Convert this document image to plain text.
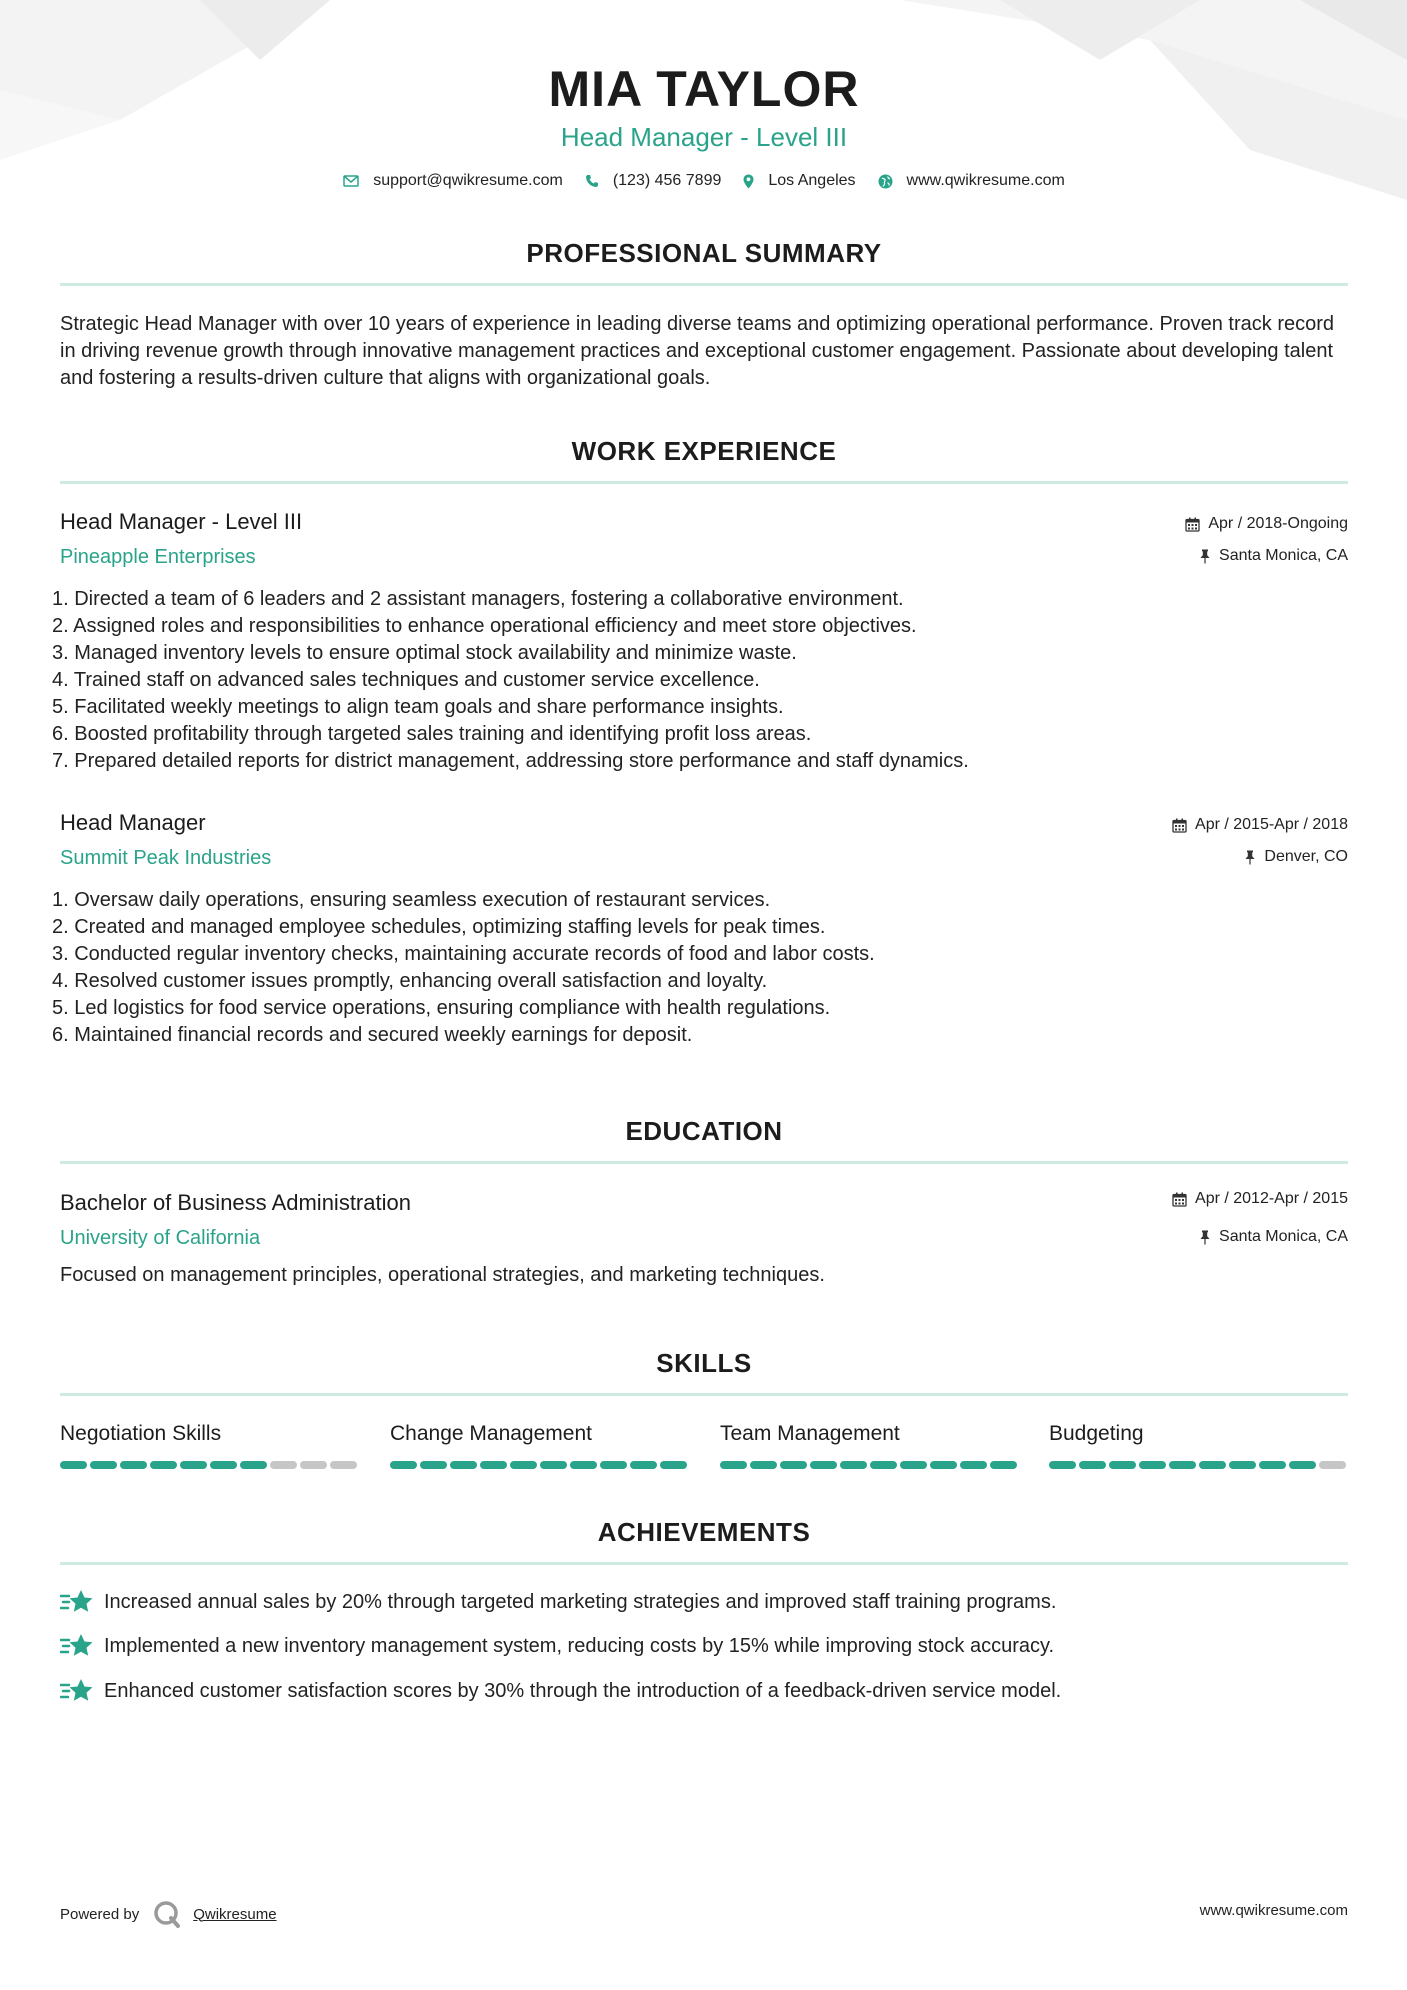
MIA TAYLOR
Head Manager - Level III
support@qwikresume.com	(123) 456 7899	Los Angeles	www.qwikresume.com
PROFESSIONAL SUMMARY
Strategic Head Manager with over 10 years of experience in leading diverse teams and optimizing operational performance. Proven track record in driving revenue growth through innovative management practices and exceptional customer engagement. Passionate about developing talent and fostering a results-driven culture that aligns with organizational goals.
WORK EXPERIENCE
Head Manager - Level III
Pineapple Enterprises
Apr / 2018-Ongoing
Santa Monica, CA
1. Directed a team of 6 leaders and 2 assistant managers, fostering a collaborative environment.
2. Assigned roles and responsibilities to enhance operational efficiency and meet store objectives.
3. Managed inventory levels to ensure optimal stock availability and minimize waste.
4. Trained staff on advanced sales techniques and customer service excellence.
5. Facilitated weekly meetings to align team goals and share performance insights.
6. Boosted profitability through targeted sales training and identifying profit loss areas.
7. Prepared detailed reports for district management, addressing store performance and staff dynamics.
Head Manager
Summit Peak Industries
Apr / 2015-Apr / 2018
Denver, CO
1. Oversaw daily operations, ensuring seamless execution of restaurant services.
2. Created and managed employee schedules, optimizing staffing levels for peak times.
3. Conducted regular inventory checks, maintaining accurate records of food and labor costs.
4. Resolved customer issues promptly, enhancing overall satisfaction and loyalty.
5. Led logistics for food service operations, ensuring compliance with health regulations.
6. Maintained financial records and secured weekly earnings for deposit.
EDUCATION
Bachelor of Business Administration
University of California
Apr / 2012-Apr / 2015
Santa Monica, CA
Focused on management principles, operational strategies, and marketing techniques.
SKILLS
Negotiation Skills	Change Management	Team Management	Budgeting
ACHIEVEMENTS
Increased annual sales by 20% through targeted marketing strategies and improved staff training programs.
Implemented a new inventory management system, reducing costs by 15% while improving stock accuracy.
Enhanced customer satisfaction scores by 30% through the introduction of a feedback-driven service model.
Powered by	Qwikresume	www.qwikresume.com
